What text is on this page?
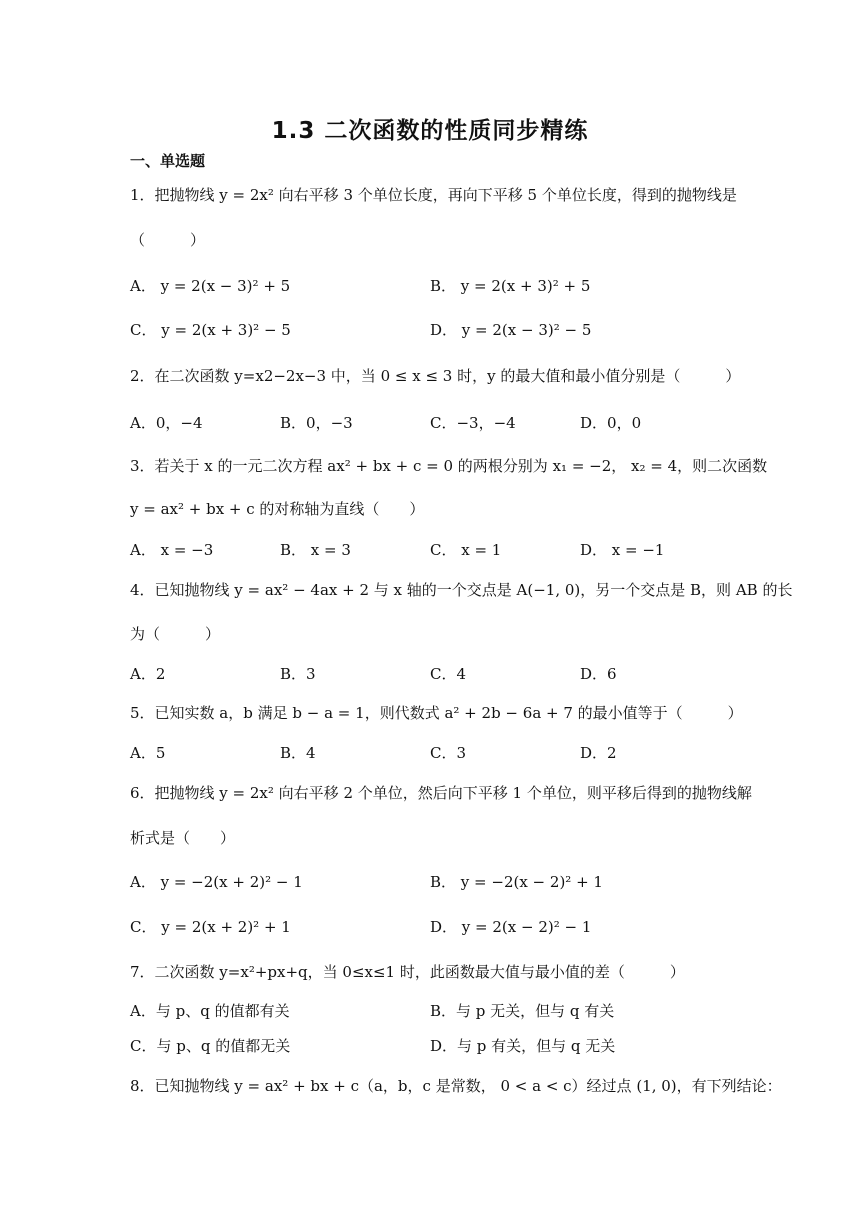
1.3 二次函数的性质同步精练
一、单选题
1．把抛物线 y = 2x² 向右平移 3 个单位长度，再向下平移 5 个单位长度，得到的抛物线是
（　　　）
A． y = 2(x − 3)² + 5	B． y = 2(x + 3)² + 5
C． y = 2(x + 3)² − 5	D． y = 2(x − 3)² − 5
2．在二次函数 y=x2−2x−3 中，当 0 ≤ x ≤ 3 时，y 的最大值和最小值分别是（　　　）
A．0，−4	B．0，−3	C．−3，−4	D．0，0
3．若关于 x 的一元二次方程 ax² + bx + c = 0 的两根分别为 x₁ = −2， x₂ = 4，则二次函数
y = ax² + bx + c 的对称轴为直线（　　）
A． x = −3	B． x = 3	C． x = 1	D． x = −1
4．已知抛物线 y = ax² − 4ax + 2 与 x 轴的一个交点是 A(−1, 0)，另一个交点是 B，则 AB 的长
为（　　　）
A．2	B．3	C．4	D．6
5．已知实数 a，b 满足 b − a = 1，则代数式 a² + 2b − 6a + 7 的最小值等于（　　　）
A．5	B．4	C．3	D．2
6．把抛物线 y = 2x² 向右平移 2 个单位，然后向下平移 1 个单位，则平移后得到的抛物线解
析式是（　　）
A． y = −2(x + 2)² − 1	B． y = −2(x − 2)² + 1
C． y = 2(x + 2)² + 1	D． y = 2(x − 2)² − 1
7．二次函数 y=x²+px+q，当 0≤x≤1 时，此函数最大值与最小值的差（　　　）
A．与 p、q 的值都有关	B．与 p 无关，但与 q 有关
C．与 p、q 的值都无关	D．与 p 有关，但与 q 无关
8．已知抛物线 y = ax² + bx + c（a，b，c 是常数， 0 < a < c）经过点 (1, 0)，有下列结论：
